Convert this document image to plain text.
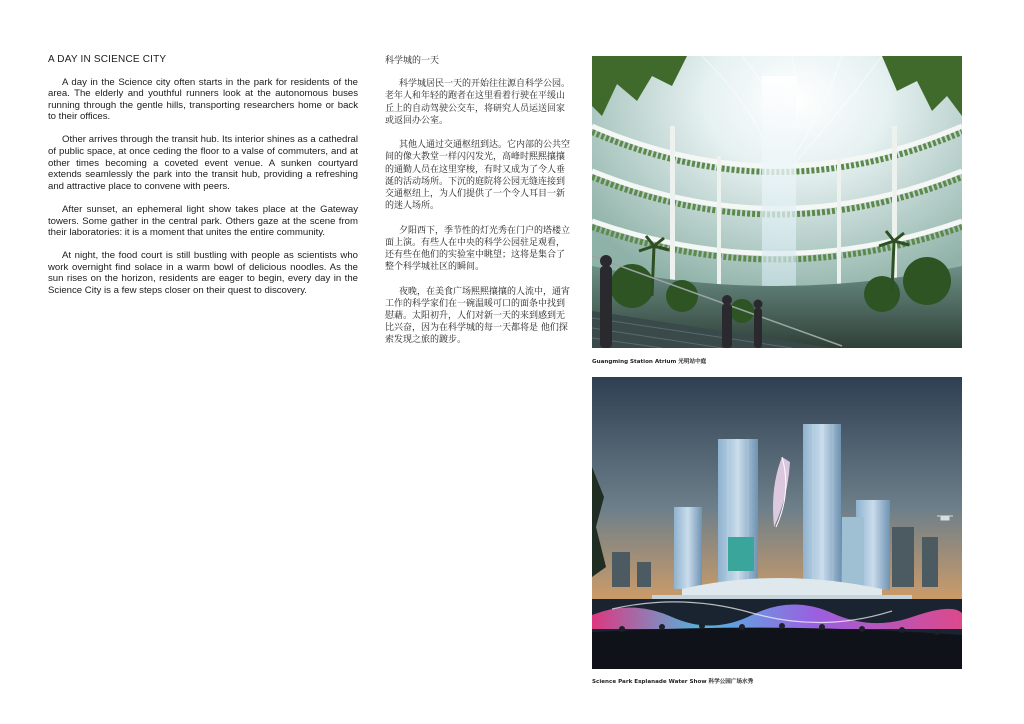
A DAY IN SCIENCE CITY

A day in the Science city often starts in the park for residents of the area. The elderly and youthful runners look at the autonomous buses running through the gentle hills, transporting researchers home or back to their offices.

Other arrives through the transit hub. Its interior shines as a cathedral of public space, at once ceding the floor to a valse of commuters, and at other times becoming a coveted event venue. A sunken courtyard extends seamlessly the park into the transit hub, providing a refreshing and attractive place to convene with peers.

After sunset, an ephemeral light show takes place at the Gateway towers. Some gather in the central park. Others gaze at the scene from their laboratories: it is a moment that unites the entire community.

At night, the food court is still bustling with people as scientists who work overnight find solace in a warm bowl of delicious noodles. As the sun rises on the horizon, residents are eager to begin, every day in the Science City is a few steps closer on their quest to discovery.

科学城的一天

科学城居民一天的开始往往源自科学公园。老年人和年轻的跑者在这里看着行驶在平缓山丘上的自动驾驶公交车，将研究人员运送回家或返回办公室。

其他人通过交通枢纽到达。它内部的公共空间的像大教堂一样闪闪发光，高峰时熙熙攘攘的通勤人员在这里穿梭，有时又成为了令人垂涎的活动场所。下沉的庭院将公园无缝连接到交通枢纽上，为人们提供了一个令人耳目一新的迷人场所。

夕阳西下，季节性的灯光秀在门户的塔楼立面上演。有些人在中央的科学公园驻足观看，还有些在他们的实验室中眺望；这将是集合了整个科学城社区的瞬间。

夜晚，在美食广场熙熙攘攘的人流中，通宵工作的科学家们在一碗温暖可口的面条中找到慰藉。太阳初升，人们对新一天的来到感到无比兴奋，因为在科学城的每一天都将是 他们探索发现之旅的踱步。

Guangming Station Atrium 光明站中庭
Science Park Esplanade Water Show 科学公园广场水秀
